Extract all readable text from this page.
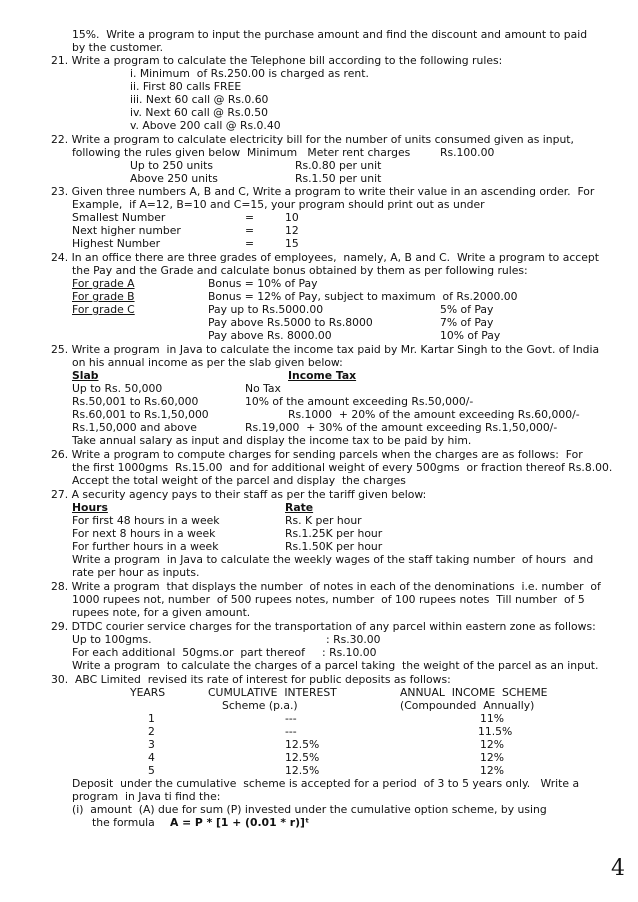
15%.  Write a program to input the purchase amount and find the discount and amount to paid
by the customer.
21. Write a program to calculate the Telephone bill according to the following rules:
i. Minimum  of Rs.250.00 is charged as rent.
ii. First 80 calls FREE
iii. Next 60 call @ Rs.0.60
iv. Next 60 call @ Rs.0.50
v. Above 200 call @ Rs.0.40
22. Write a program to calculate electricity bill for the number of units consumed given as input,
following the rules given below  Minimum   Meter rent charges	Rs.100.00
Up to 250 units	Rs.0.80 per unit
Above 250 units	Rs.1.50 per unit
23. Given three numbers A, B and C, Write a program to write their value in an ascending order.  For
Example,  if A=12, B=10 and C=15, your program should print out as under
Smallest Number	=	10
Next higher number	=	12
Highest Number	=	15
24. In an office there are three grades of employees,  namely, A, B and C.  Write a program to accept
the Pay and the Grade and calculate bonus obtained by them as per following rules:
For grade A	Bonus = 10% of Pay
For grade B	Bonus = 12% of Pay, subject to maximum  of Rs.2000.00
For grade C	Pay up to Rs.5000.00	5% of Pay
Pay above Rs.5000 to Rs.8000	7% of Pay
Pay above Rs. 8000.00	10% of Pay
25. Write a program  in Java to calculate the income tax paid by Mr. Kartar Singh to the Govt. of India
on his annual income as per the slab given below:
Slab	Income Tax
Up to Rs. 50,000	No Tax
Rs.50,001 to Rs.60,000	10% of the amount exceeding Rs.50,000/-
Rs.60,001 to Rs.1,50,000	Rs.1000  + 20% of the amount exceeding Rs.60,000/-
Rs.1,50,000 and above	Rs.19,000  + 30% of the amount exceeding Rs.1,50,000/-
Take annual salary as input and display the income tax to be paid by him.
26. Write a program to compute charges for sending parcels when the charges are as follows:  For
the first 1000gms  Rs.15.00  and for additional weight of every 500gms  or fraction thereof Rs.8.00.
Accept the total weight of the parcel and display  the charges
27. A security agency pays to their staff as per the tariff given below:
Hours	Rate
For first 48 hours in a week	Rs. K per hour
For next 8 hours in a week	Rs.1.25K per hour
For further hours in a week	Rs.1.50K per hour
Write a program  in Java to calculate the weekly wages of the staff taking number  of hours  and
rate per hour as inputs.
28. Write a program  that displays the number  of notes in each of the denominations  i.e. number  of
1000 rupees not, number  of 500 rupees notes, number  of 100 rupees notes  Till number  of 5
rupees note, for a given amount.
29. DTDC courier service charges for the transportation of any parcel within eastern zone as follows:
Up to 100gms.	: Rs.30.00
For each additional  50gms.or  part thereof : Rs.10.00
Write a program  to calculate the charges of a parcel taking  the weight of the parcel as an input.
30.  ABC Limited  revised its rate of interest for public deposits as follows:
YEARS	CUMULATIVE  INTEREST	ANNUAL  INCOME  SCHEME
Scheme (p.a.)	(Compounded  Annually)
1	---	11%
2	---	11.5%
3	12.5%	12%
4	12.5%	12%
5	12.5%	12%
Deposit  under the cumulative  scheme is accepted for a period  of 3 to 5 years only.   Write a
program  in Java ti find the:
(i)  amount  (A) due for sum (P) invested under the cumulative option scheme, by using
the formula A = P * [1 + (0.01 * r)]ᵗ
4
